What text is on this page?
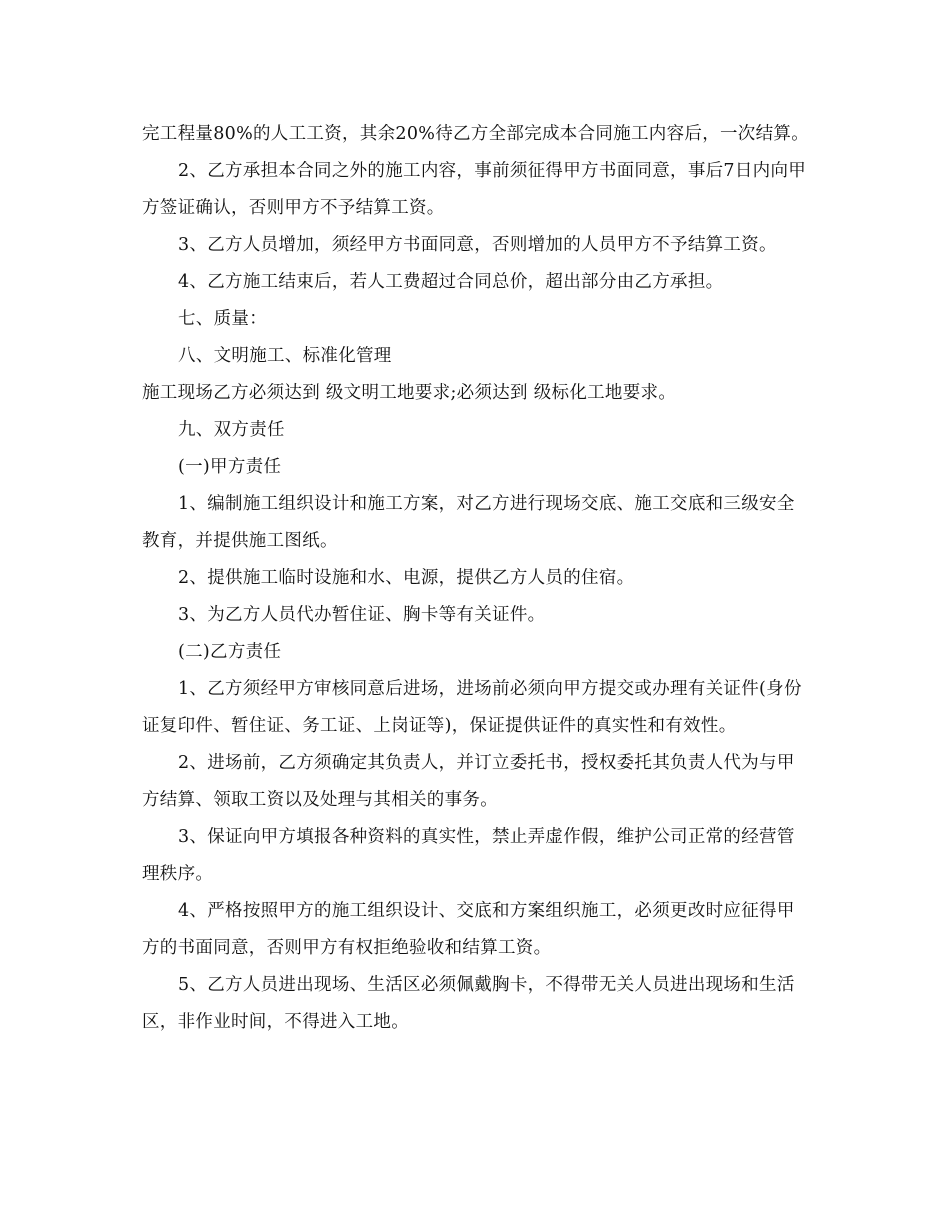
完工程量80%的人工工资，其余20%待乙方全部完成本合同施工内容后，一次结算。

2、乙方承担本合同之外的施工内容，事前须征得甲方书面同意，事后7日内向甲方签证确认，否则甲方不予结算工资。

3、乙方人员增加，须经甲方书面同意，否则增加的人员甲方不予结算工资。

4、乙方施工结束后，若人工费超过合同总价，超出部分由乙方承担。

七、质量：

八、文明施工、标准化管理

施工现场乙方必须达到 级文明工地要求;必须达到 级标化工地要求。

九、双方责任

(一)甲方责任

1、编制施工组织设计和施工方案，对乙方进行现场交底、施工交底和三级安全教育，并提供施工图纸。

2、提供施工临时设施和水、电源，提供乙方人员的住宿。

3、为乙方人员代办暂住证、胸卡等有关证件。

(二)乙方责任

1、乙方须经甲方审核同意后进场，进场前必须向甲方提交或办理有关证件(身份证复印件、暂住证、务工证、上岗证等)，保证提供证件的真实性和有效性。

2、进场前，乙方须确定其负责人，并订立委托书，授权委托其负责人代为与甲方结算、领取工资以及处理与其相关的事务。

3、保证向甲方填报各种资料的真实性，禁止弄虚作假，维护公司正常的经营管理秩序。

4、严格按照甲方的施工组织设计、交底和方案组织施工，必须更改时应征得甲方的书面同意，否则甲方有权拒绝验收和结算工资。

5、乙方人员进出现场、生活区必须佩戴胸卡，不得带无关人员进出现场和生活区，非作业时间，不得进入工地。
